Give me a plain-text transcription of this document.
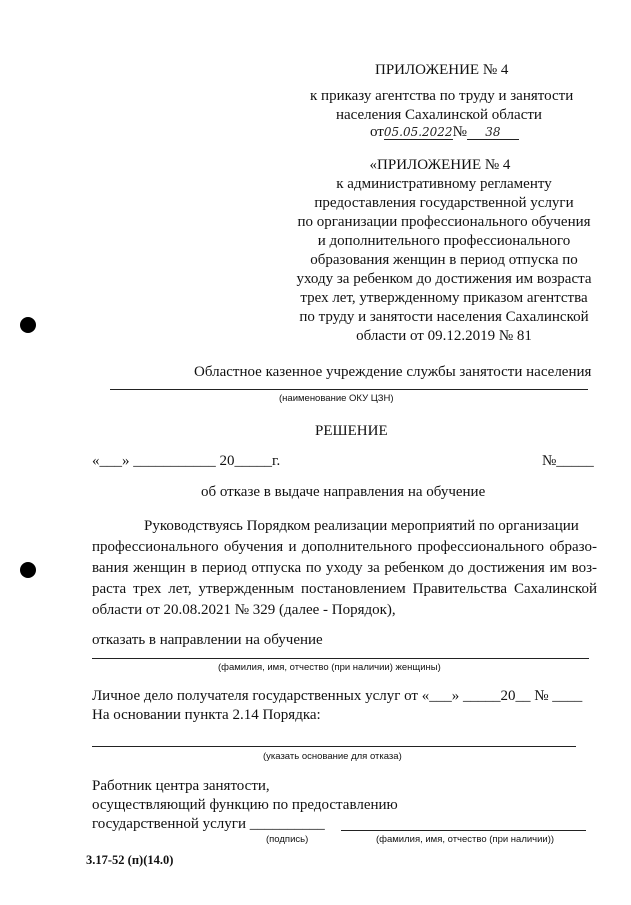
ПРИЛОЖЕНИЕ № 4
к приказу агентства по труду и занятости
населения Сахалинской области
от05.05.2022№ 38
«ПРИЛОЖЕНИЕ № 4
к административному регламенту
предоставления государственной услуги
по организации профессионального обучения
и дополнительного профессионального
образования женщин в период отпуска по
уходу за ребенком до достижения им возраста
трех лет, утвержденному приказом агентства
по труду и занятости населения Сахалинской
области от 09.12.2019 № 81
Областное казенное учреждение службы занятости населения
(наименование ОКУ ЦЗН)
РЕШЕНИЕ
«___» ___________ 20_____г.	№_____
об отказе в выдаче направления на обучение
Руководствуясь Порядком реализации мероприятий по организации
профессионального обучения и дополнительного профессионального образо-
вания женщин в период отпуска по уходу за ребенком до достижения им воз-
раста трех лет, утвержденным постановлением Правительства Сахалинской
области от 20.08.2021 № 329 (далее - Порядок),
отказать в направлении на обучение
(фамилия, имя, отчество (при наличии) женщины)
Личное дело получателя государственных услуг от «___» _____20__ № ____
На основании пункта 2.14 Порядка:
(указать основание для отказа)
Работник центра занятости,
осуществляющий функцию по предоставлению
государственной услуги __________
(подпись)	(фамилия, имя, отчество (при наличии))
3.17-52 (п)(14.0)
